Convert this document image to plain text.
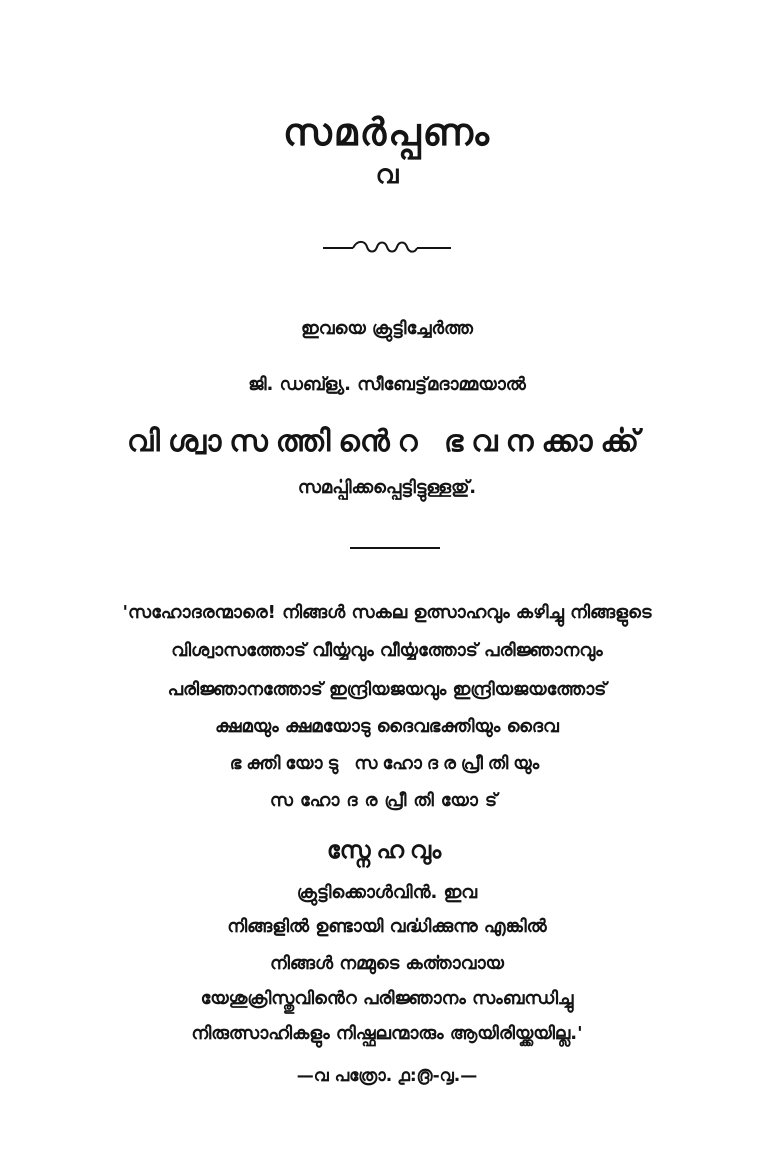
സമർപ്പണം
വ
ഇവയെ ക്രുട്ടിച്ചേർത്ത
ജി. ഡബ്ള്യ. സീബേട്ട്‌മദാമ്മയാൽ
വിശ്വാസത്തിൻെറ ഭവനക്കാൎക്ക്
സമൎപ്പിക്കപ്പെട്ടിട്ടുള്ളതു്.
'സഹോദരന്മാരെ! നിങ്ങൾ സകല ഉത്സാഹവും കഴിച്ചു നിങ്ങളുടെ
വിശ്വാസത്തോട് വീൎയ്യവും വീൎയ്യത്തോട് പരിജ്ഞാനവും
പരിജ്ഞാനത്തോട് ഇന്ദ്രിയജയവും ഇന്ദ്രിയജയത്തോട്
ക്ഷമയും ക്ഷമയോടു ദൈവഭക്തിയും ദൈവ
ഭക്തിയോടു സഹോദരപ്രീതിയും
സഹോദരപ്രീതിയോട്
സ്നേഹവും
ക്രുട്ടിക്കൊൾവിൻ. ഇവ
നിങ്ങളിൽ ഉണ്ടായി വൎദ്ധിക്കുന്നു എങ്കിൽ
നിങ്ങൾ നമ്മുടെ കൎത്താവായ
യേശുക്രിസ്തുവിൻെറ പരിജ്ഞാനം സംബന്ധിച്ചു
നിരുത്സാഹികളും നിഷ്ഫലന്മാരും ആയിരിയ്ക്കയില്ല.'
—വ പത്രോ. ൧:൫-൮.—
